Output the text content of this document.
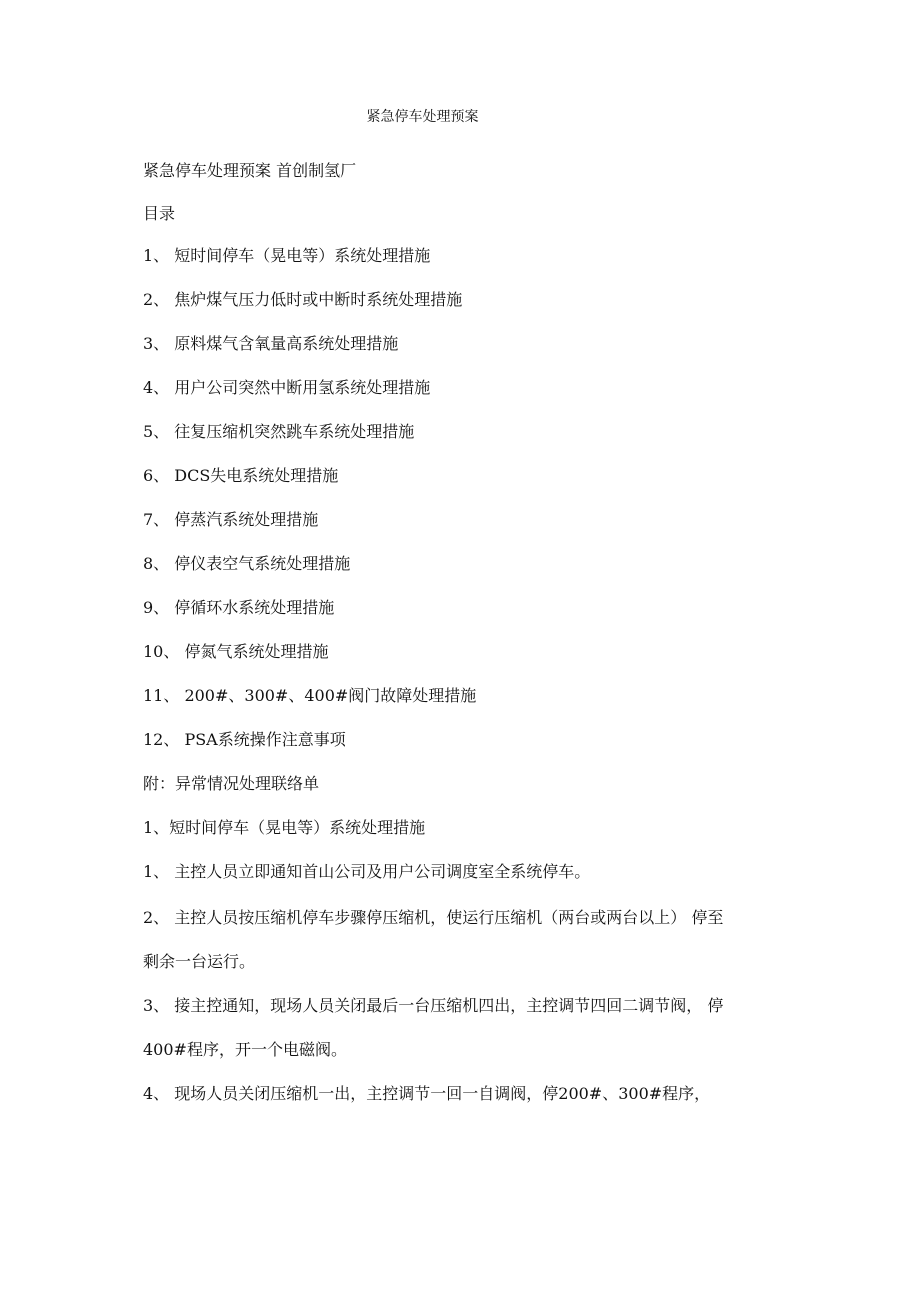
紧急停车处理预案
紧急停车处理预案 首创制氢厂
目录
1、 短时间停车（晃电等）系统处理措施
2、 焦炉煤气压力低时或中断时系统处理措施
3、 原料煤气含氧量高系统处理措施
4、 用户公司突然中断用氢系统处理措施
5、 往复压缩机突然跳车系统处理措施
6、 DCS失电系统处理措施
7、 停蒸汽系统处理措施
8、 停仪表空气系统处理措施
9、 停循环水系统处理措施
10、 停氮气系统处理措施
11、 200#、300#、400#阀门故障处理措施
12、 PSA系统操作注意事项
附：异常情况处理联络单
1、短时间停车（晃电等）系统处理措施
1、 主控人员立即通知首山公司及用户公司调度室全系统停车。
2、 主控人员按压缩机停车步骤停压缩机，使运行压缩机（两台或两台以上） 停至
剩余一台运行。
3、 接主控通知，现场人员关闭最后一台压缩机四出，主控调节四回二调节阀， 停
400#程序，开一个电磁阀。
4、 现场人员关闭压缩机一出，主控调节一回一自调阀，停200#、300#程序，
